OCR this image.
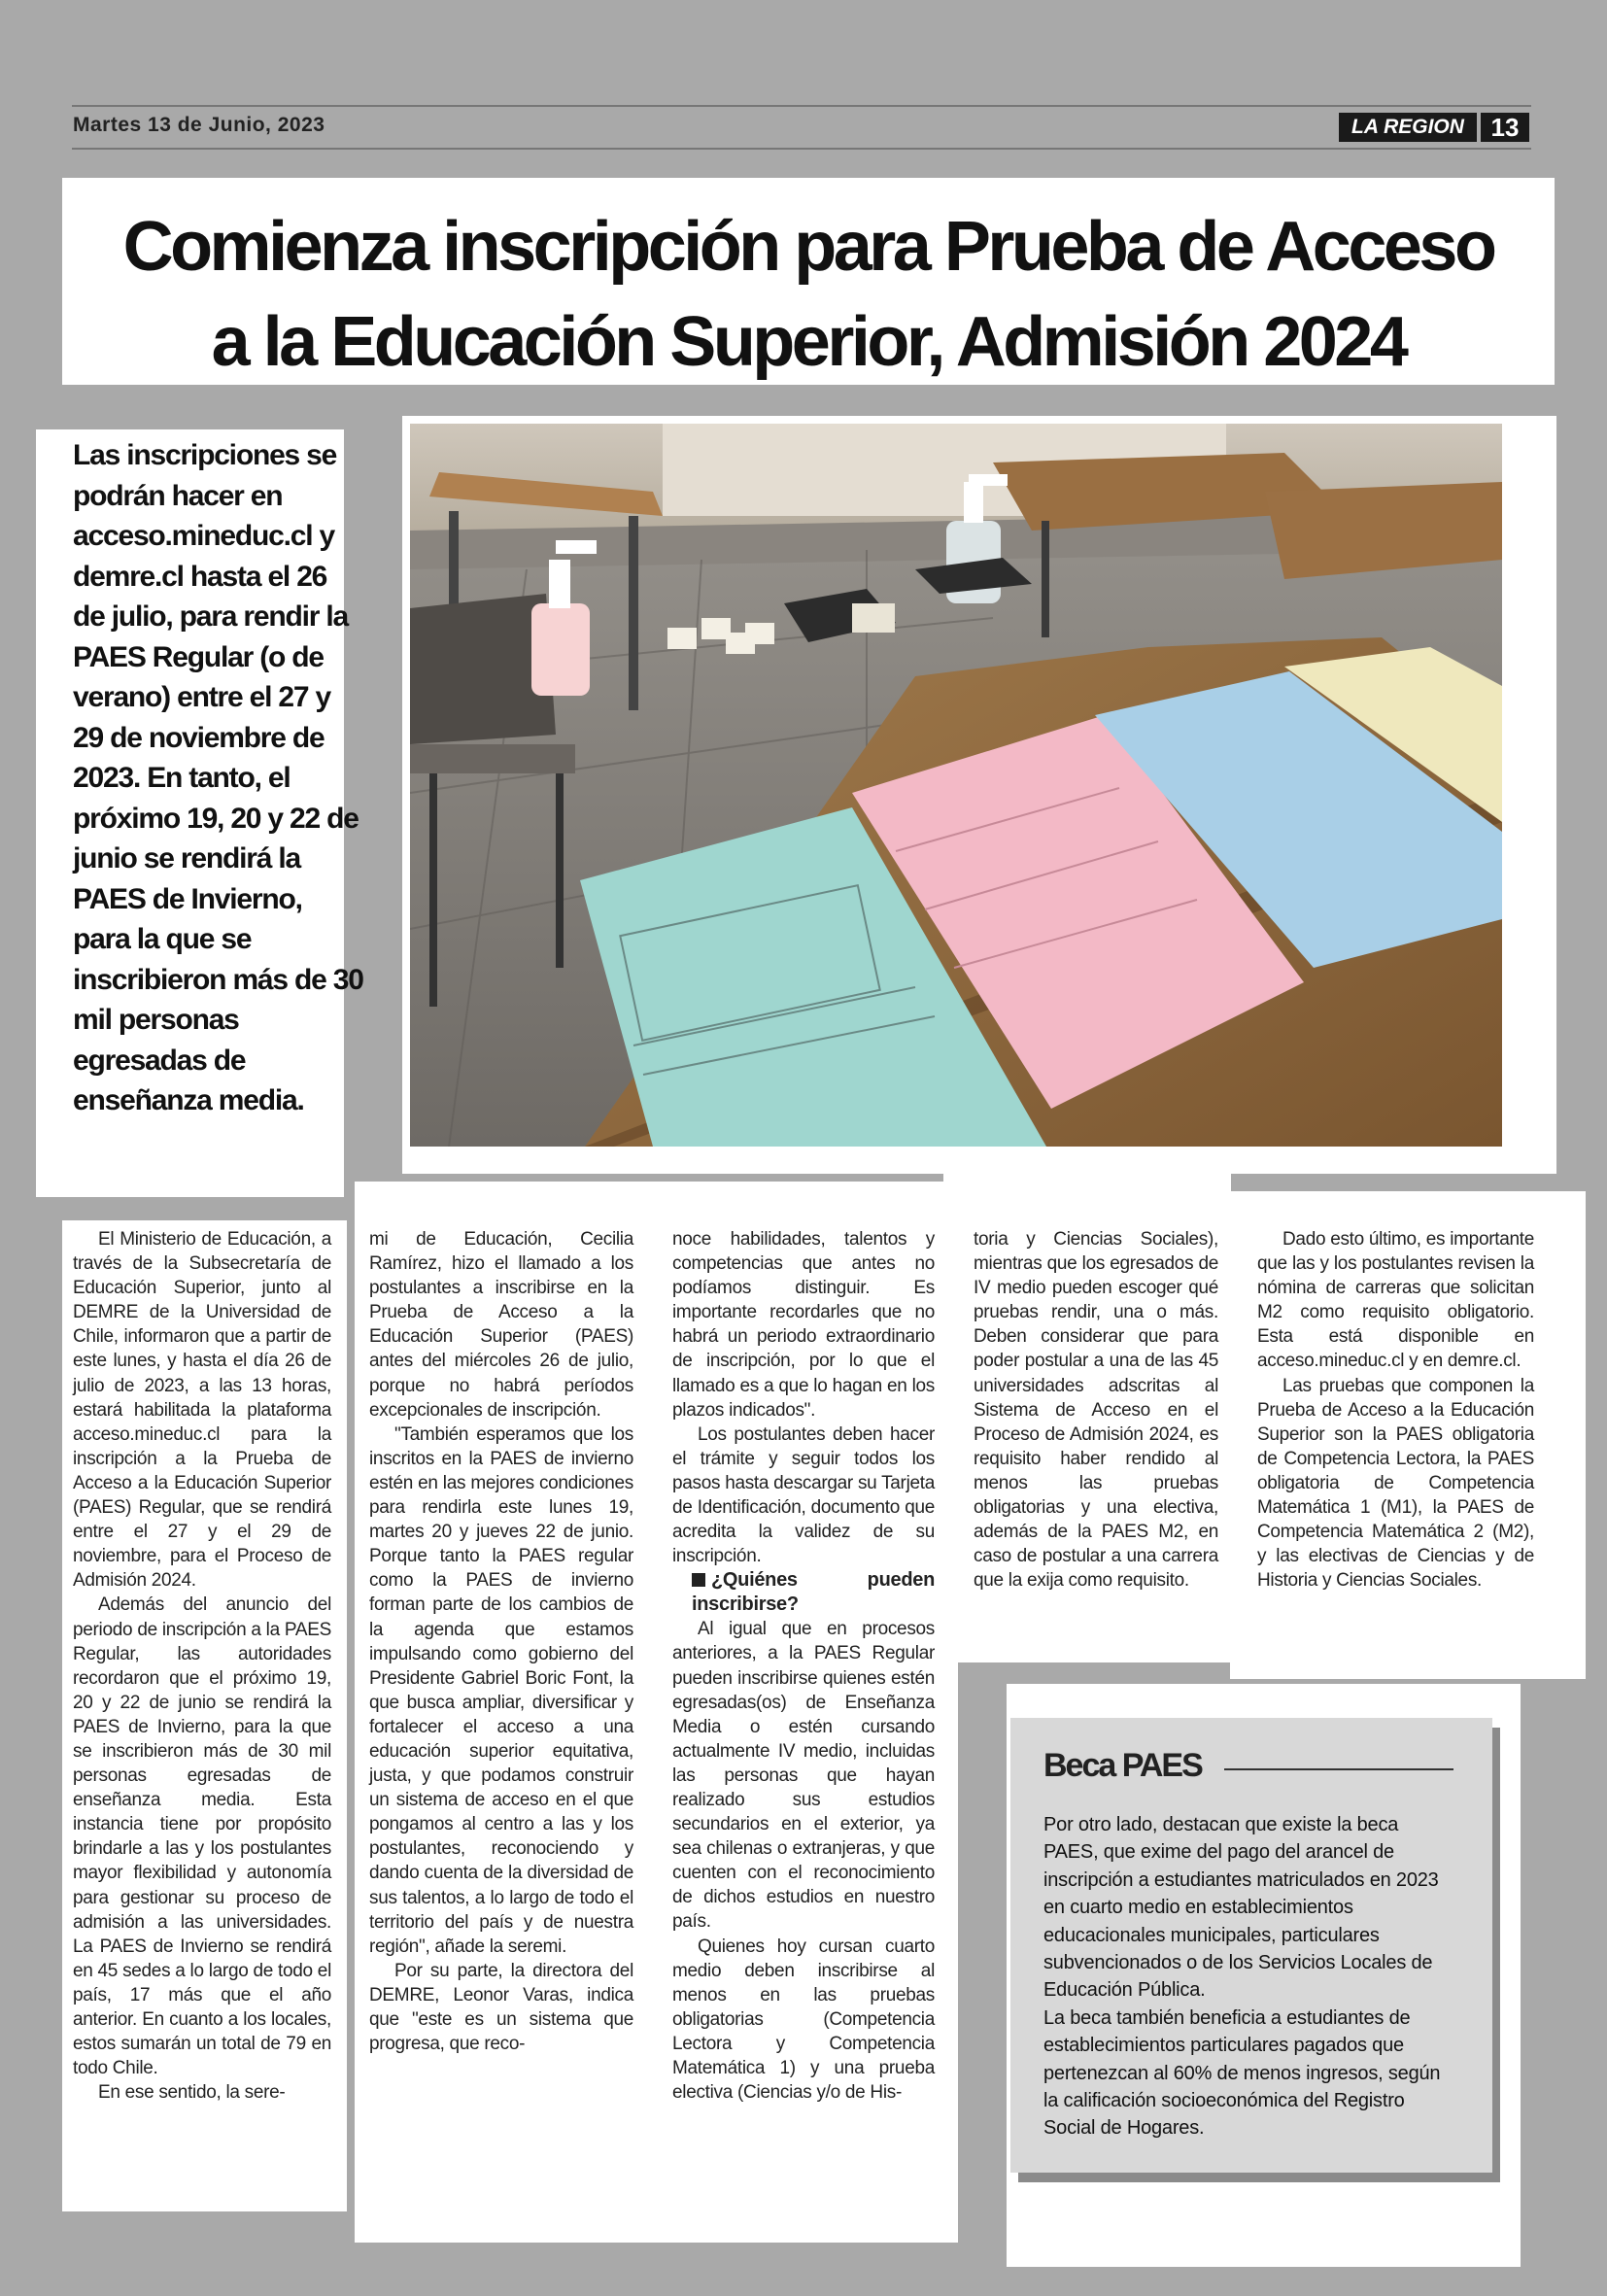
Martes 13 de Junio, 2023	LA REGION	13
Comienza inscripción para Prueba de Acceso
a la Educación Superior, Admisión 2024
Las inscripciones se podrán hacer en acceso.mineduc.cl y demre.cl hasta el 26 de julio, para rendir la PAES Regular (o de verano) entre el 27 y 29 de noviembre de 2023. En tanto, el próximo 19, 20 y 22 de junio se rendirá la PAES de Invierno, para la que se inscribieron más de 30 mil personas egresadas de enseñanza media.

El Ministerio de Educación, a través de la Subsecretaría de Educación Superior, junto al DEMRE de la Universidad de Chile, informaron que a partir de este lunes, y hasta el día 26 de julio de 2023, a las 13 horas, estará habilitada la plataforma acceso.mineduc.cl para la inscripción a la Prueba de Acceso a la Educación Superior (PAES) Regular, que se rendirá entre el 27 y el 29 de noviembre, para el Proceso de Admisión 2024.

Además del anuncio del periodo de inscripción a la PAES Regular, las autoridades recordaron que el próximo 19, 20 y 22 de junio se rendirá la PAES de Invierno, para la que se inscribieron más de 30 mil personas egresadas de enseñanza media. Esta instancia tiene por propósito brindarle a las y los postulantes mayor flexibilidad y autonomía para gestionar su proceso de admisión a las universidades. La PAES de Invierno se rendirá en 45 sedes a lo largo de todo el país, 17 más que el año anterior. En cuanto a los locales, estos sumarán un total de 79 en todo Chile.

En ese sentido, la sere-

mi de Educación, Cecilia Ramírez, hizo el llamado a los postulantes a inscribirse en la Prueba de Acceso a la Educación Superior (PAES) antes del miércoles 26 de julio, porque no habrá períodos excepcionales de inscripción.

"También esperamos que los inscritos en la PAES de invierno estén en las mejores condiciones para rendirla este lunes 19, martes 20 y jueves 22 de junio. Porque tanto la PAES regular como la PAES de invierno forman parte de los cambios de la agenda que estamos impulsando como gobierno del Presidente Gabriel Boric Font, la que busca ampliar, diversificar y fortalecer el acceso a una educación superior equitativa, justa, y que podamos construir un sistema de acceso en el que pongamos al centro a las y los postulantes, reconociendo y dando cuenta de la diversidad de sus talentos, a lo largo de todo el territorio del país y de nuestra región", añade la seremi.

Por su parte, la directora del DEMRE, Leonor Varas, indica que "este es un sistema que progresa, que reco-

noce habilidades, talentos y competencias que antes no podíamos distinguir. Es importante recordarles que no habrá un periodo extraordinario de inscripción, por lo que el llamado es a que lo hagan en los plazos indicados".

Los postulantes deben hacer el trámite y seguir todos los pasos hasta descargar su Tarjeta de Identificación, documento que acredita la validez de su inscripción.

¿Quiénes pueden inscribirse?

Al igual que en procesos anteriores, a la PAES Regular pueden inscribirse quienes estén egresadas(os) de Enseñanza Media o estén cursando actualmente IV medio, incluidas las personas que hayan realizado sus estudios secundarios en el exterior, ya sea chilenas o extranjeras, y que cuenten con el reconocimiento de dichos estudios en nuestro país.

Quienes hoy cursan cuarto medio deben inscribirse al menos en las pruebas obligatorias (Competencia Lectora y Competencia Matemática 1) y una prueba electiva (Ciencias y/o de His-

toria y Ciencias Sociales), mientras que los egresados de IV medio pueden escoger qué pruebas rendir, una o más. Deben considerar que para poder postular a una de las 45 universidades adscritas al Sistema de Acceso en el Proceso de Admisión 2024, es requisito haber rendido al menos las pruebas obligatorias y una electiva, además de la PAES M2, en caso de postular a una carrera que la exija como requisito.

Dado esto último, es importante que las y los postulantes revisen la nómina de carreras que solicitan M2 como requisito obligatorio. Esta está disponible en acceso.mineduc.cl y en demre.cl.

Las pruebas que componen la Prueba de Acceso a la Educación Superior son la PAES obligatoria de Competencia Lectora, la PAES obligatoria de Competencia Matemática 1 (M1), la PAES de Competencia Matemática 2 (M2), y las electivas de Ciencias y de Historia y Ciencias Sociales.

Beca PAES

Por otro lado, destacan que existe la beca PAES, que exime del pago del arancel de inscripción a estudiantes matriculados en 2023 en cuarto medio en establecimientos educacionales municipales, particulares subvencionados o de los Servicios Locales de Educación Pública.

La beca también beneficia a estudiantes de establecimientos particulares pagados que pertenezcan al 60% de menos ingresos, según la calificación socioeconómica del Registro Social de Hogares.
